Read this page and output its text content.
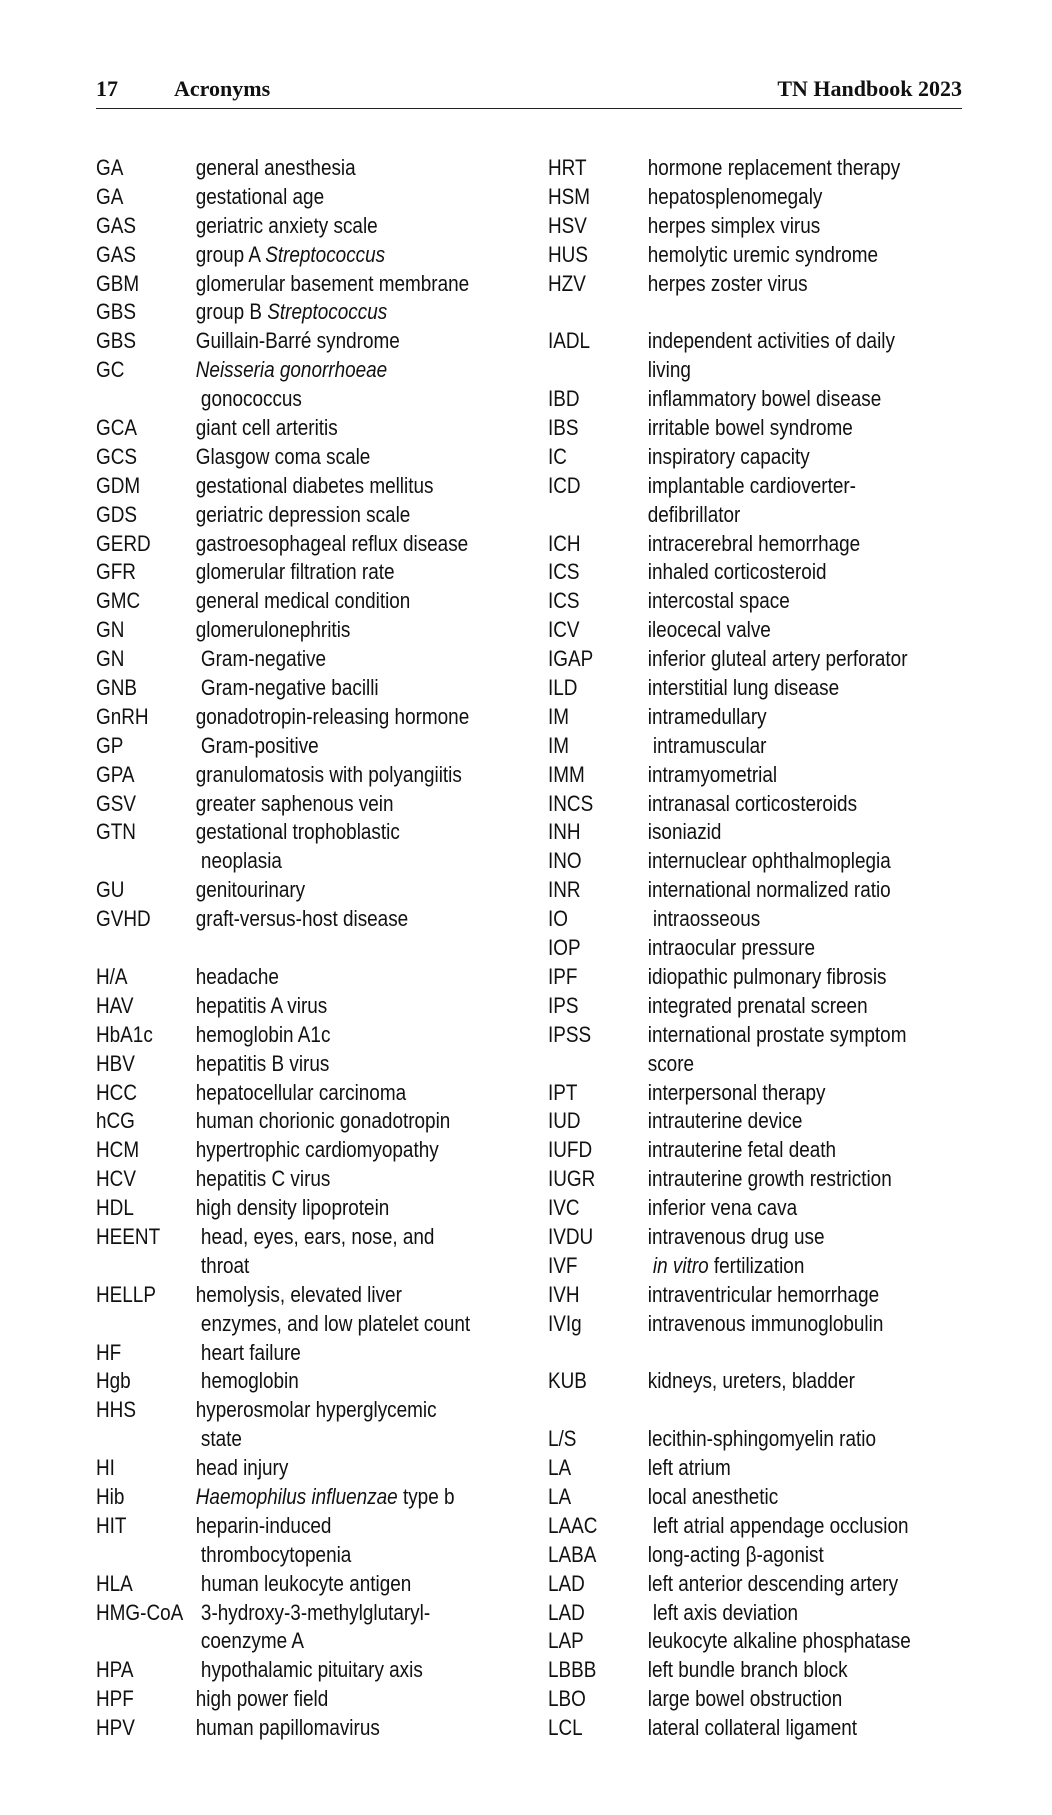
17	Acronyms	TN Handbook 2023
GA	general anesthesia
GA	gestational age
GAS	geriatric anxiety scale
GAS	group A Streptococcus
GBM	glomerular basement membrane
GBS	group B Streptococcus
GBS	Guillain-Barré syndrome
GC	Neisseria gonorrhoeae
gonococcus
GCA	giant cell arteritis
GCS	Glasgow coma scale
GDM	gestational diabetes mellitus
GDS	geriatric depression scale
GERD	gastroesophageal reflux disease
GFR	glomerular filtration rate
GMC	general medical condition
GN	glomerulonephritis
GN	Gram-negative
GNB	Gram-negative bacilli
GnRH	gonadotropin-releasing hormone
GP	Gram-positive
GPA	granulomatosis with polyangiitis
GSV	greater saphenous vein
GTN	gestational trophoblastic
neoplasia
GU	genitourinary
GVHD	graft-versus-host disease
H/A	headache
HAV	hepatitis A virus
HbA1c	hemoglobin A1c
HBV	hepatitis B virus
HCC	hepatocellular carcinoma
hCG	human chorionic gonadotropin
HCM	hypertrophic cardiomyopathy
HCV	hepatitis C virus
HDL	high density lipoprotein
HEENT	head, eyes, ears, nose, and
throat
HELLP	hemolysis, elevated liver
enzymes, and low platelet count
HF	heart failure
Hgb	hemoglobin
HHS	hyperosmolar hyperglycemic
state
HI	head injury
Hib	Haemophilus influenzae type b
HIT	heparin-induced
thrombocytopenia
HLA	human leukocyte antigen
HMG-CoA 3-hydroxy-3-methylglutaryl-
coenzyme A
HPA	hypothalamic pituitary axis
HPF	high power field
HPV	human papillomavirus
HRT	hormone replacement therapy
HSM	hepatosplenomegaly
HSV	herpes simplex virus
HUS	hemolytic uremic syndrome
HZV	herpes zoster virus
IADL	independent activities of daily
living
IBD	inflammatory bowel disease
IBS	irritable bowel syndrome
IC	inspiratory capacity
ICD	implantable cardioverter-
defibrillator
ICH	intracerebral hemorrhage
ICS	inhaled corticosteroid
ICS	intercostal space
ICV	ileocecal valve
IGAP	inferior gluteal artery perforator
ILD	interstitial lung disease
IM	intramedullary
IM	intramuscular
IMM	intramyometrial
INCS	intranasal corticosteroids
INH	isoniazid
INO	internuclear ophthalmoplegia
INR	international normalized ratio
IO	intraosseous
IOP	intraocular pressure
IPF	idiopathic pulmonary fibrosis
IPS	integrated prenatal screen
IPSS	international prostate symptom
score
IPT	interpersonal therapy
IUD	intrauterine device
IUFD	intrauterine fetal death
IUGR	intrauterine growth restriction
IVC	inferior vena cava
IVDU	intravenous drug use
IVF	in vitro fertilization
IVH	intraventricular hemorrhage
IVIg	intravenous immunoglobulin
KUB	kidneys, ureters, bladder
L/S	lecithin-sphingomyelin ratio
LA	left atrium
LA	local anesthetic
LAAC	left atrial appendage occlusion
LABA	long-acting β-agonist
LAD	left anterior descending artery
LAD	left axis deviation
LAP	leukocyte alkaline phosphatase
LBBB	left bundle branch block
LBO	large bowel obstruction
LCL	lateral collateral ligament
